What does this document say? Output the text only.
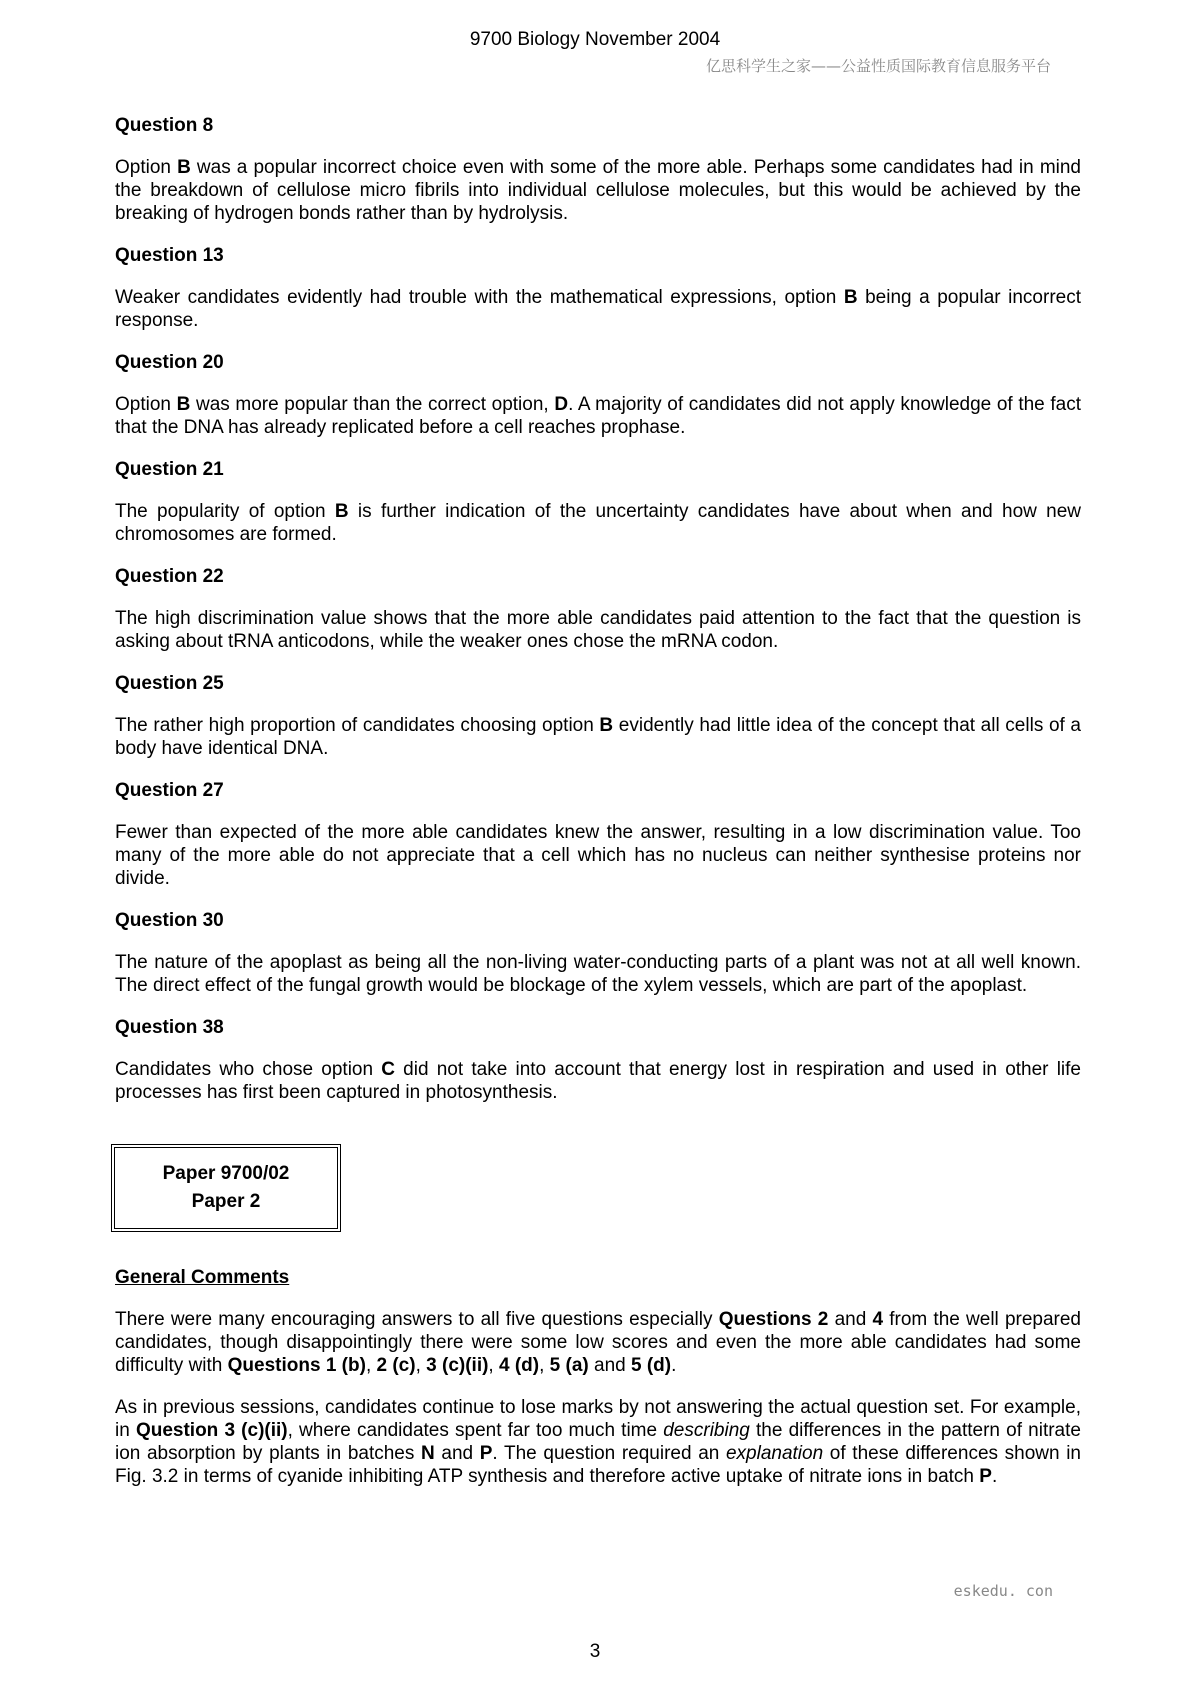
9700 Biology November 2004
亿思科学生之家——公益性质国际教育信息服务平台
Question 8
Option B was a popular incorrect choice even with some of the more able. Perhaps some candidates had in mind the breakdown of cellulose micro fibrils into individual cellulose molecules, but this would be achieved by the breaking of hydrogen bonds rather than by hydrolysis.
Question 13
Weaker candidates evidently had trouble with the mathematical expressions, option B being a popular incorrect response.
Question 20
Option B was more popular than the correct option, D. A majority of candidates did not apply knowledge of the fact that the DNA has already replicated before a cell reaches prophase.
Question 21
The popularity of option B is further indication of the uncertainty candidates have about when and how new chromosomes are formed.
Question 22
The high discrimination value shows that the more able candidates paid attention to the fact that the question is asking about tRNA anticodons, while the weaker ones chose the mRNA codon.
Question 25
The rather high proportion of candidates choosing option B evidently had little idea of the concept that all cells of a body have identical DNA.
Question 27
Fewer than expected of the more able candidates knew the answer, resulting in a low discrimination value. Too many of the more able do not appreciate that a cell which has no nucleus can neither synthesise proteins nor divide.
Question 30
The nature of the apoplast as being all the non-living water-conducting parts of a plant was not at all well known. The direct effect of the fungal growth would be blockage of the xylem vessels, which are part of the apoplast.
Question 38
Candidates who chose option C did not take into account that energy lost in respiration and used in other life processes has first been captured in photosynthesis.
Paper 9700/02
Paper 2
General Comments
There were many encouraging answers to all five questions especially Questions 2 and 4 from the well prepared candidates, though disappointingly there were some low scores and even the more able candidates had some difficulty with Questions 1 (b), 2 (c), 3 (c)(ii), 4 (d), 5 (a) and 5 (d).
As in previous sessions, candidates continue to lose marks by not answering the actual question set. For example, in Question 3 (c)(ii), where candidates spent far too much time describing the differences in the pattern of nitrate ion absorption by plants in batches N and P. The question required an explanation of these differences shown in Fig. 3.2 in terms of cyanide inhibiting ATP synthesis and therefore active uptake of nitrate ions in batch P.
eskedu. con
3
